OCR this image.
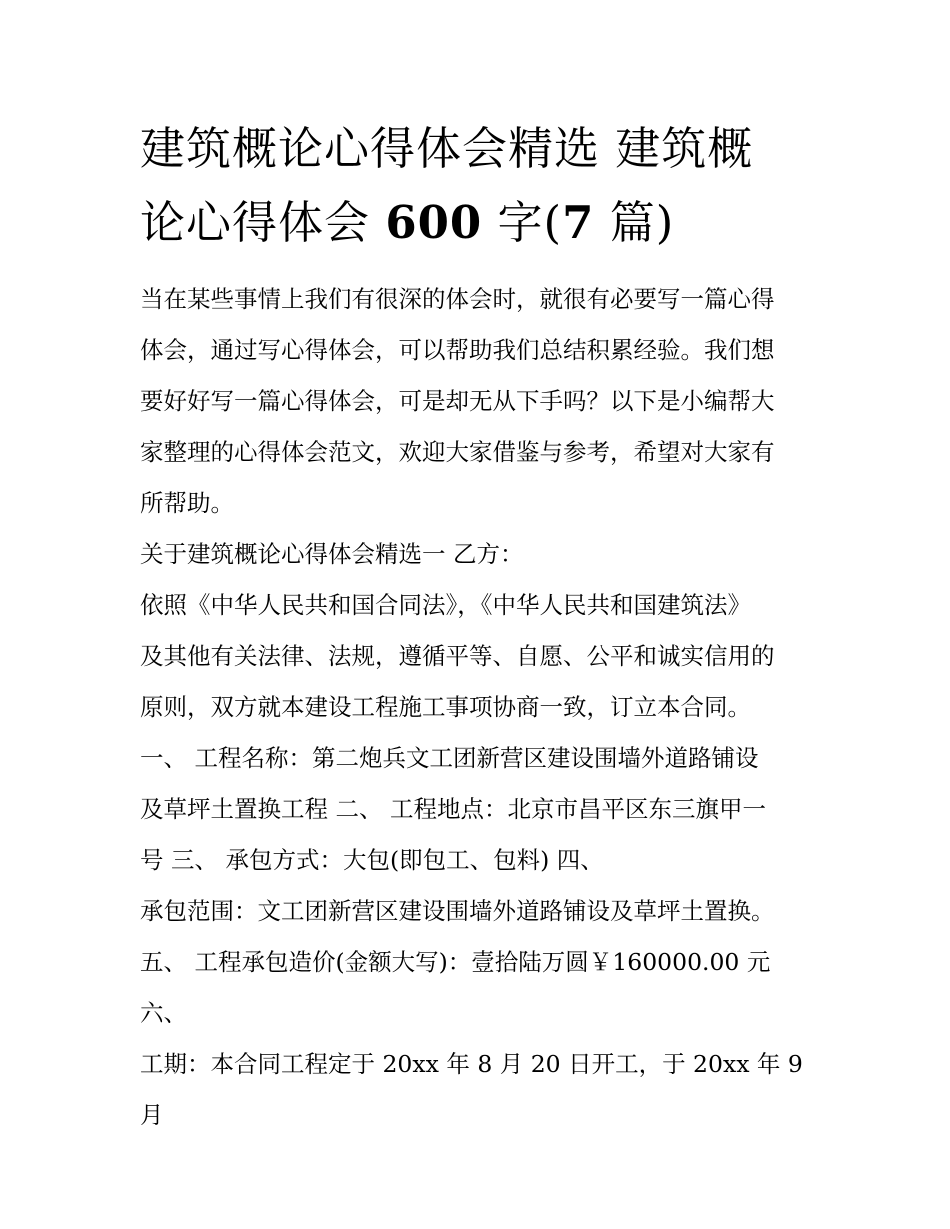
建筑概论心得体会精选 建筑概
论心得体会 600 字(7 篇)

当在某些事情上我们有很深的体会时，就很有必要写一篇心得

体会，通过写心得体会，可以帮助我们总结积累经验。我们想

要好好写一篇心得体会，可是却无从下手吗？以下是小编帮大

家整理的心得体会范文，欢迎大家借鉴与参考，希望对大家有

所帮助。

关于建筑概论心得体会精选一 乙方：

依照《中华人民共和国合同法》，《中华人民共和国建筑法》

及其他有关法律、法规，遵循平等、自愿、公平和诚实信用的

原则，双方就本建设工程施工事项协商一致，订立本合同。

一、 工程名称：第二炮兵文工团新营区建设围墙外道路铺设

及草坪土置换工程 二、 工程地点：北京市昌平区东三旗甲一

号 三、 承包方式：大包(即包工、包料) 四、

承包范围：文工团新营区建设围墙外道路铺设及草坪土置换。

五、 工程承包造价(金额大写)：壹拾陆万圆￥160000.00 元

六、

工期：本合同工程定于 20xx 年 8 月 20 日开工，于 20xx 年 9 月
